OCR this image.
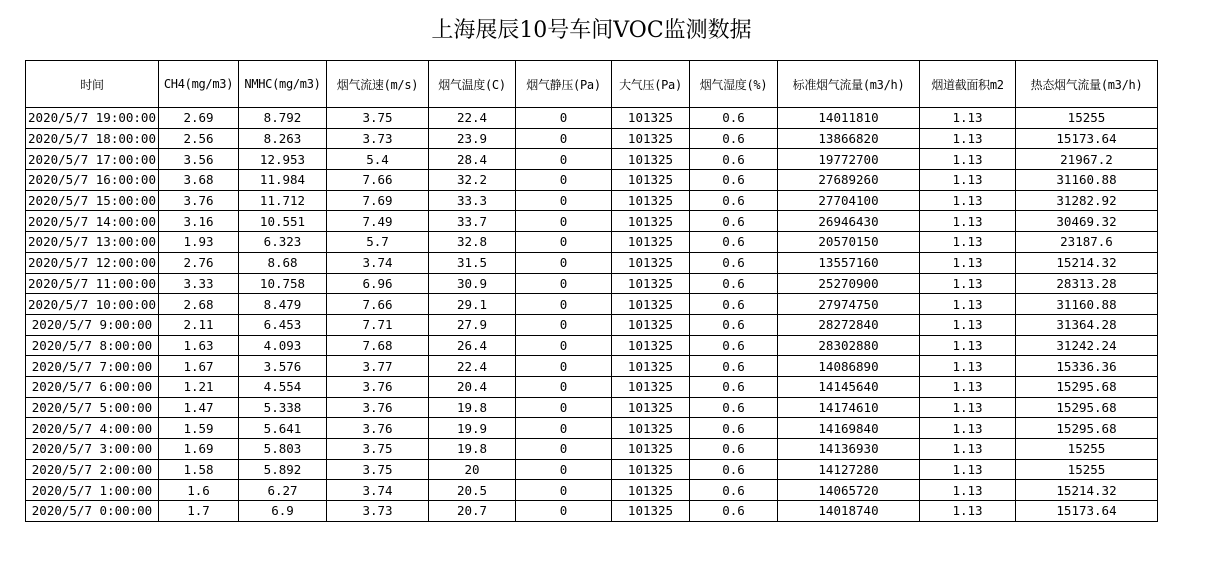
上海展辰10号车间VOC监测数据
时间	CH4(mg/m3)	NMHC(mg/m3)	烟气流速(m/s)	烟气温度(C)	烟气静压(Pa)	大气压(Pa)	烟气湿度(%)	标准烟气流量(m3/h)	烟道截面积m2	热态烟气流量(m3/h)
2020/5/7 19:00:00	2.69	8.792	3.75	22.4	0	101325	0.6	14011810	1.13	15255
2020/5/7 18:00:00	2.56	8.263	3.73	23.9	0	101325	0.6	13866820	1.13	15173.64
2020/5/7 17:00:00	3.56	12.953	5.4	28.4	0	101325	0.6	19772700	1.13	21967.2
2020/5/7 16:00:00	3.68	11.984	7.66	32.2	0	101325	0.6	27689260	1.13	31160.88
2020/5/7 15:00:00	3.76	11.712	7.69	33.3	0	101325	0.6	27704100	1.13	31282.92
2020/5/7 14:00:00	3.16	10.551	7.49	33.7	0	101325	0.6	26946430	1.13	30469.32
2020/5/7 13:00:00	1.93	6.323	5.7	32.8	0	101325	0.6	20570150	1.13	23187.6
2020/5/7 12:00:00	2.76	8.68	3.74	31.5	0	101325	0.6	13557160	1.13	15214.32
2020/5/7 11:00:00	3.33	10.758	6.96	30.9	0	101325	0.6	25270900	1.13	28313.28
2020/5/7 10:00:00	2.68	8.479	7.66	29.1	0	101325	0.6	27974750	1.13	31160.88
2020/5/7 9:00:00	2.11	6.453	7.71	27.9	0	101325	0.6	28272840	1.13	31364.28
2020/5/7 8:00:00	1.63	4.093	7.68	26.4	0	101325	0.6	28302880	1.13	31242.24
2020/5/7 7:00:00	1.67	3.576	3.77	22.4	0	101325	0.6	14086890	1.13	15336.36
2020/5/7 6:00:00	1.21	4.554	3.76	20.4	0	101325	0.6	14145640	1.13	15295.68
2020/5/7 5:00:00	1.47	5.338	3.76	19.8	0	101325	0.6	14174610	1.13	15295.68
2020/5/7 4:00:00	1.59	5.641	3.76	19.9	0	101325	0.6	14169840	1.13	15295.68
2020/5/7 3:00:00	1.69	5.803	3.75	19.8	0	101325	0.6	14136930	1.13	15255
2020/5/7 2:00:00	1.58	5.892	3.75	20	0	101325	0.6	14127280	1.13	15255
2020/5/7 1:00:00	1.6	6.27	3.74	20.5	0	101325	0.6	14065720	1.13	15214.32
2020/5/7 0:00:00	1.7	6.9	3.73	20.7	0	101325	0.6	14018740	1.13	15173.64
